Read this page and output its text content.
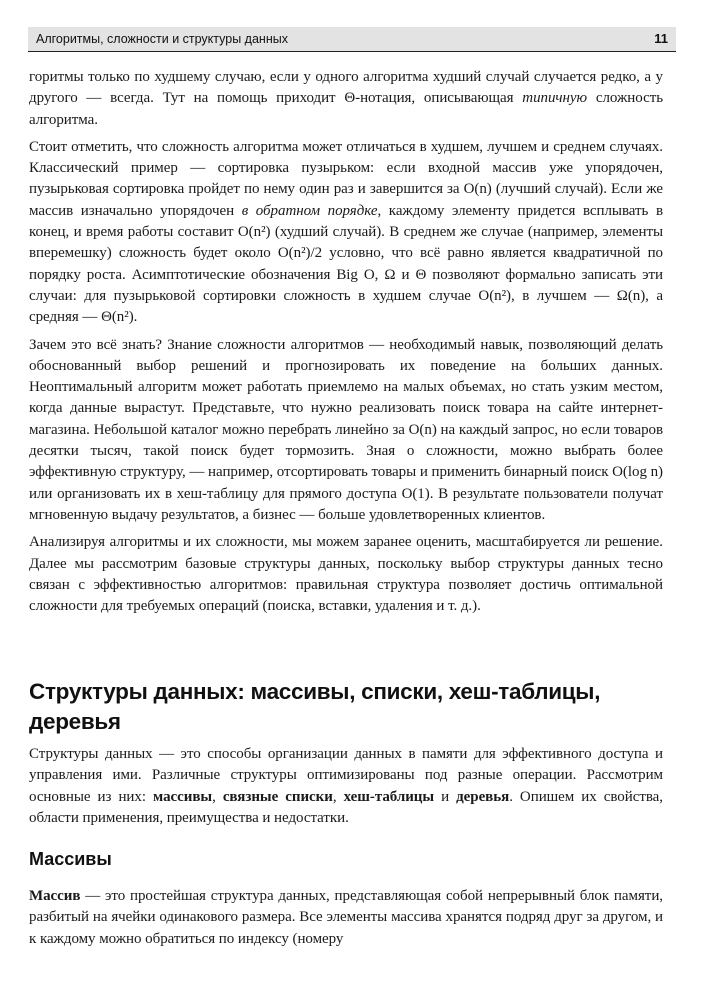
Алгоритмы, сложности и структуры данных	11

горитмы только по худшему случаю, если у одного алгоритма худший случай случается редко, а у другого — всегда. Тут на помощь приходит Θ-нотация, описывающая типичную сложность алгоритма.

Стоит отметить, что сложность алгоритма может отличаться в худшем, лучшем и среднем случаях. Классический пример — сортировка пузырьком: если входной массив уже упорядочен, пузырьковая сортировка пройдет по нему один раз и завершится за O(n) (лучший случай). Если же массив изначально упорядочен в обратном порядке, каждому элементу придется всплывать в конец, и время работы составит O(n²) (худший случай). В среднем же случае (например, элементы вперемешку) сложность будет около O(n²)/2 условно, что всё равно является квадратичной по порядку роста. Асимптотические обозначения Big O, Ω и Θ позволяют формально записать эти случаи: для пузырьковой сортировки сложность в худшем случае O(n²), в лучшем — Ω(n), а средняя — Θ(n²).

Зачем это всё знать? Знание сложности алгоритмов — необходимый навык, позволяющий делать обоснованный выбор решений и прогнозировать их поведение на больших данных. Неоптимальный алгоритм может работать приемлемо на малых объемах, но стать узким местом, когда данные вырастут. Представьте, что нужно реализовать поиск товара на сайте интернет-магазина. Небольшой каталог можно перебрать линейно за O(n) на каждый запрос, но если товаров десятки тысяч, такой поиск будет тормозить. Зная о сложности, можно выбрать более эффективную структуру, — например, отсортировать товары и применить бинарный поиск O(log n) или организовать их в хеш-таблицу для прямого доступа O(1). В результате пользователи получат мгновенную выдачу результатов, а бизнес — больше удовлетворенных клиентов.

Анализируя алгоритмы и их сложности, мы можем заранее оценить, масштабируется ли решение. Далее мы рассмотрим базовые структуры данных, поскольку выбор структуры данных тесно связан с эффективностью алгоритмов: правильная структура позволяет достичь оптимальной сложности для требуемых операций (поиска, вставки, удаления и т. д.).

Структуры данных: массивы, списки, хеш-таблицы, деревья

Структуры данных — это способы организации данных в памяти для эффективного доступа и управления ими. Различные структуры оптимизированы под разные операции. Рассмотрим основные из них: массивы, связные списки, хеш-таблицы и деревья. Опишем их свойства, области применения, преимущества и недостатки.

Массивы

Массив — это простейшая структура данных, представляющая собой непрерывный блок памяти, разбитый на ячейки одинакового размера. Все элементы массива хранятся подряд друг за другом, и к каждому можно обратиться по индексу (номеру
